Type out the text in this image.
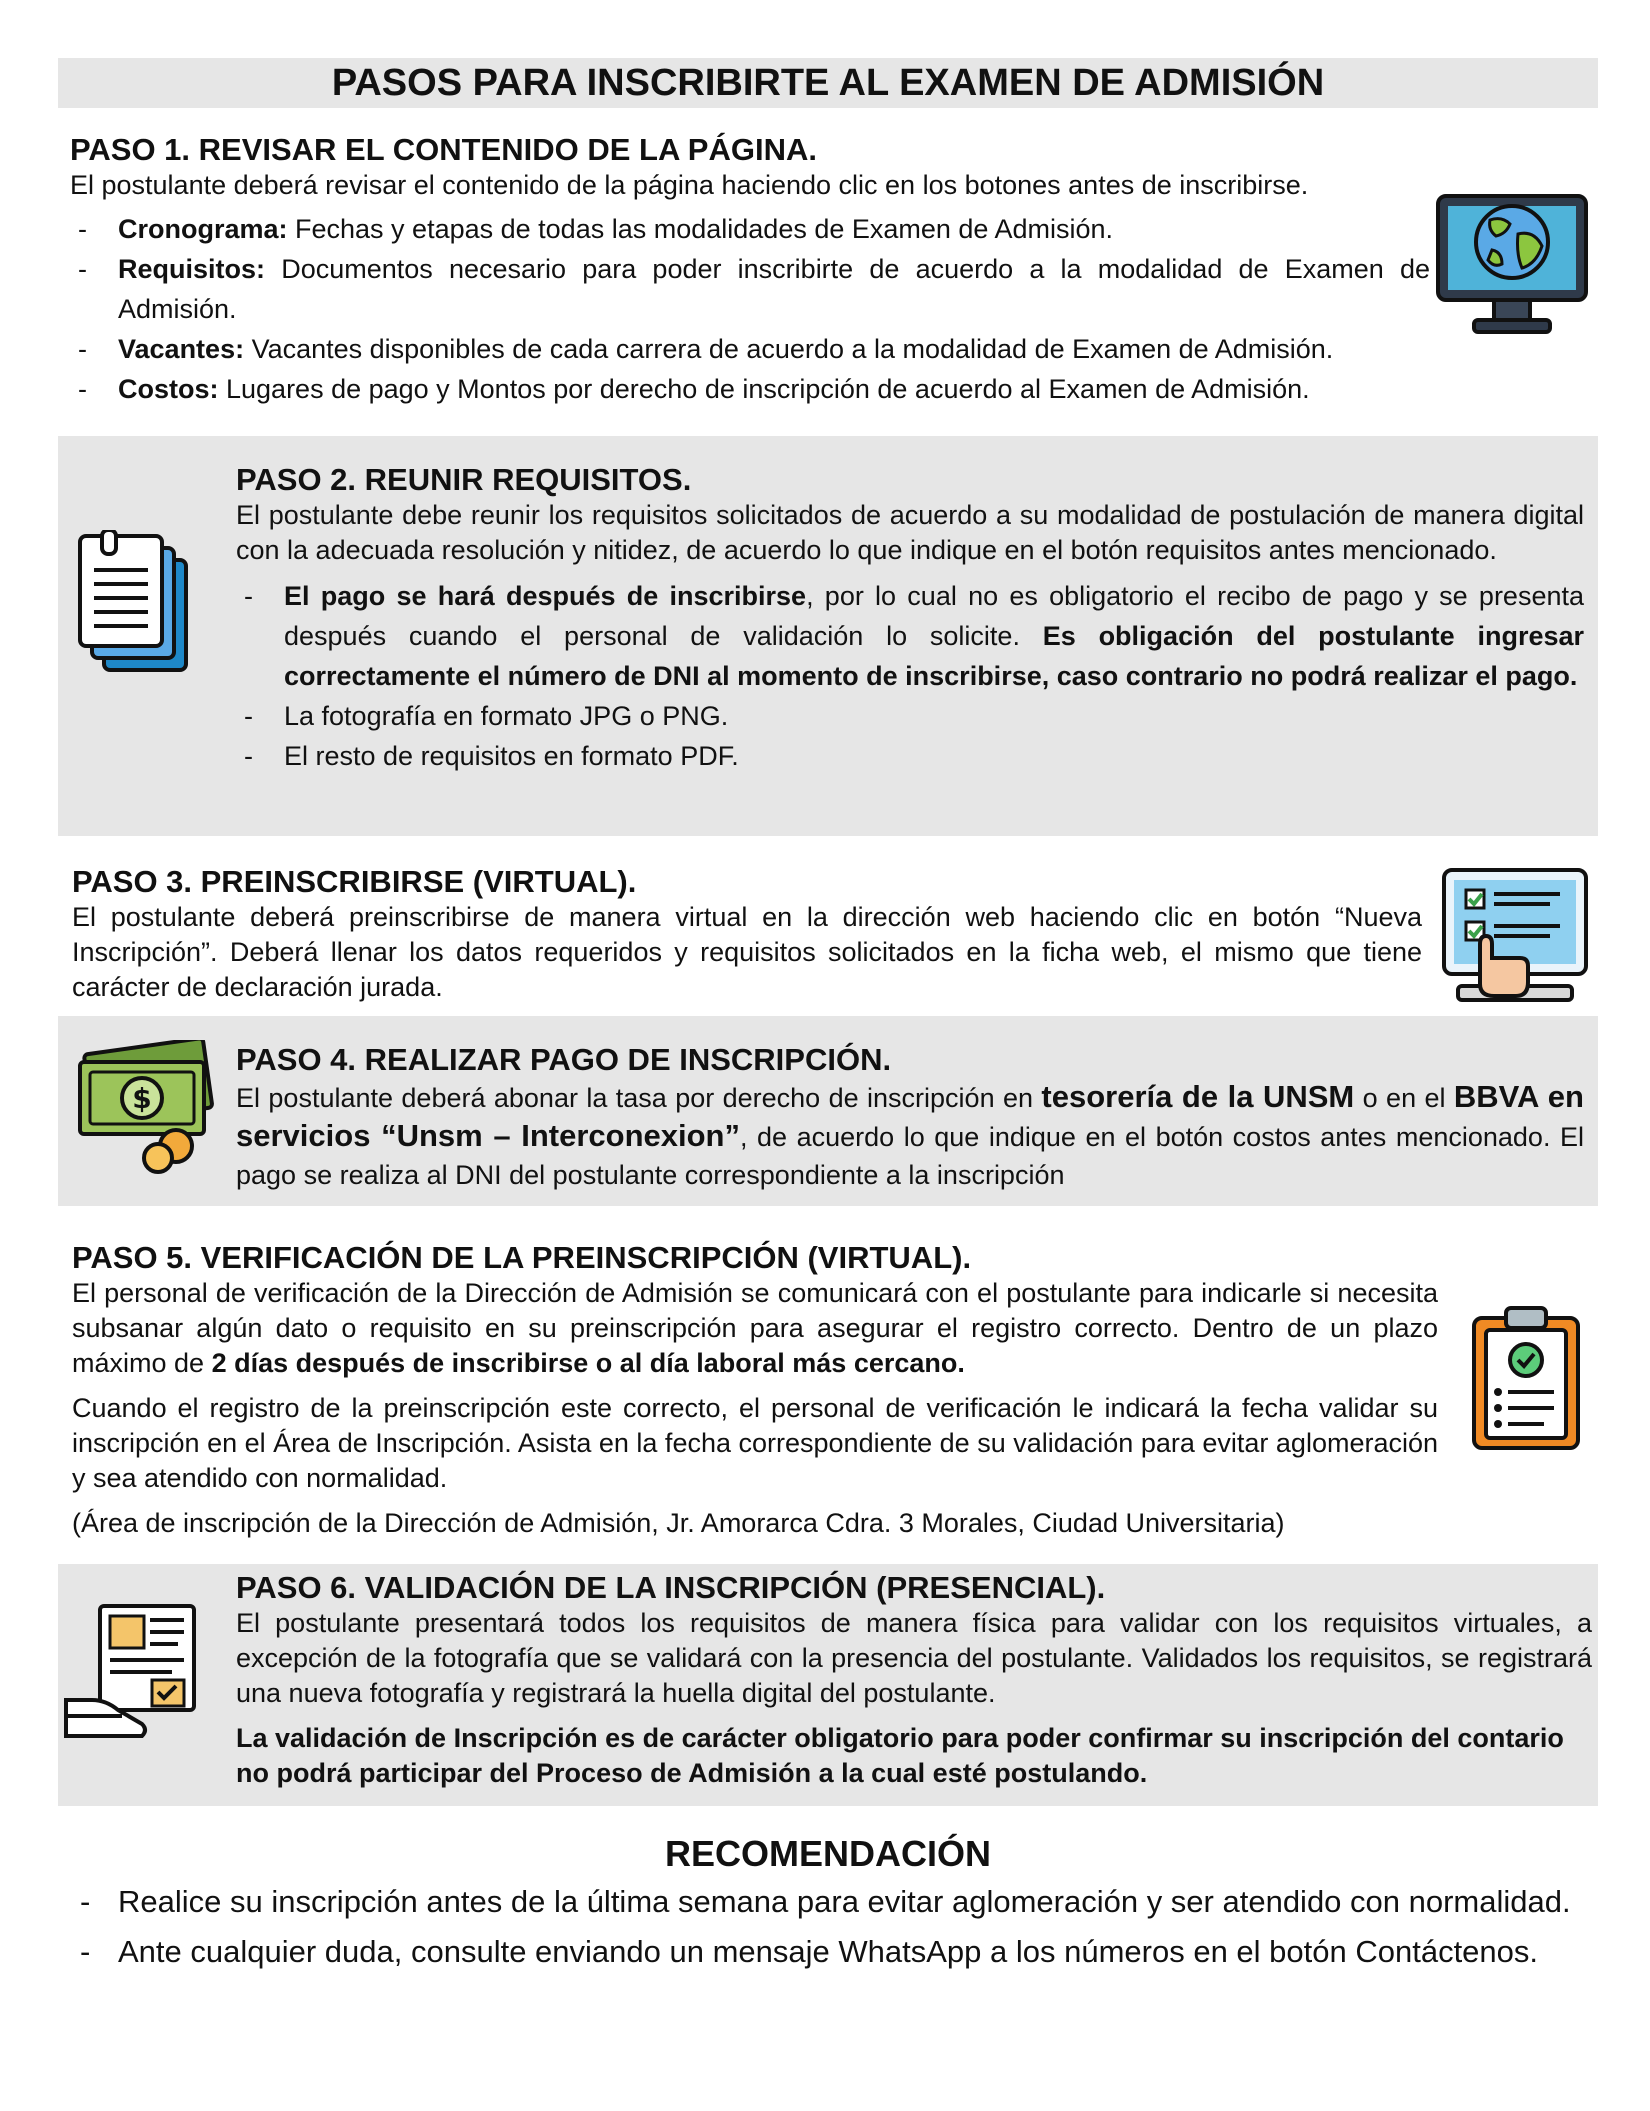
PASOS PARA INSCRIBIRTE AL EXAMEN DE ADMISIÓN
PASO 1. REVISAR EL CONTENIDO DE LA PÁGINA.

El postulante deberá revisar el contenido de la página haciendo clic en los botones antes de inscribirse.

- Cronograma: Fechas y etapas de todas las modalidades de Examen de Admisión.
- Requisitos: Documentos necesario para poder inscribirte de acuerdo a la modalidad de Examen de Admisión.
- Vacantes: Vacantes disponibles de cada carrera de acuerdo a la modalidad de Examen de Admisión.
- Costos: Lugares de pago y Montos por derecho de inscripción de acuerdo al Examen de Admisión.
PASO 2. REUNIR REQUISITOS.

El postulante debe reunir los requisitos solicitados de acuerdo a su modalidad de postulación de manera digital con la adecuada resolución y nitidez, de acuerdo lo que indique en el botón requisitos antes mencionado.

- El pago se hará después de inscribirse, por lo cual no es obligatorio el recibo de pago y se presenta después cuando el personal de validación lo solicite. Es obligación del postulante ingresar correctamente el número de DNI al momento de inscribirse, caso contrario no podrá realizar el pago.
- La fotografía en formato JPG o PNG.
- El resto de requisitos en formato PDF.
PASO 3. PREINSCRIBIRSE (VIRTUAL).

El postulante deberá preinscribirse de manera virtual en la dirección web haciendo clic en botón “Nueva Inscripción”. Deberá llenar los datos requeridos y requisitos solicitados en la ficha web, el mismo que tiene carácter de declaración jurada.

$
PASO 4. REALIZAR PAGO DE INSCRIPCIÓN.

El postulante deberá abonar la tasa por derecho de inscripción en tesorería de la UNSM o en el BBVA en servicios “Unsm – Interconexion”, de acuerdo lo que indique en el botón costos antes mencionado. El pago se realiza al DNI del postulante correspondiente a la inscripción

PASO 5. VERIFICACIÓN DE LA PREINSCRIPCIÓN (VIRTUAL).

El personal de verificación de la Dirección de Admisión se comunicará con el postulante para indicarle si necesita subsanar algún dato o requisito en su preinscripción para asegurar el registro correcto. Dentro de un plazo máximo de 2 días después de inscribirse o al día laboral más cercano.

Cuando el registro de la preinscripción este correcto, el personal de verificación le indicará la fecha validar su inscripción en el Área de Inscripción. Asista en la fecha correspondiente de su validación para evitar aglomeración y sea atendido con normalidad.

(Área de inscripción de la Dirección de Admisión, Jr. Amorarca Cdra. 3 Morales, Ciudad Universitaria)

PASO 6. VALIDACIÓN DE LA INSCRIPCIÓN (PRESENCIAL).

El postulante presentará todos los requisitos de manera física para validar con los requisitos virtuales, a excepción de la fotografía que se validará con la presencia del postulante. Validados los requisitos, se registrará una nueva fotografía y registrará la huella digital del postulante.

La validación de Inscripción es de carácter obligatorio para poder confirmar su inscripción del contario no podrá participar del Proceso de Admisión a la cual esté postulando.

RECOMENDACIÓN
- Realice su inscripción antes de la última semana para evitar aglomeración y ser atendido con normalidad.
- Ante cualquier duda, consulte enviando un mensaje WhatsApp a los números en el botón Contáctenos.
